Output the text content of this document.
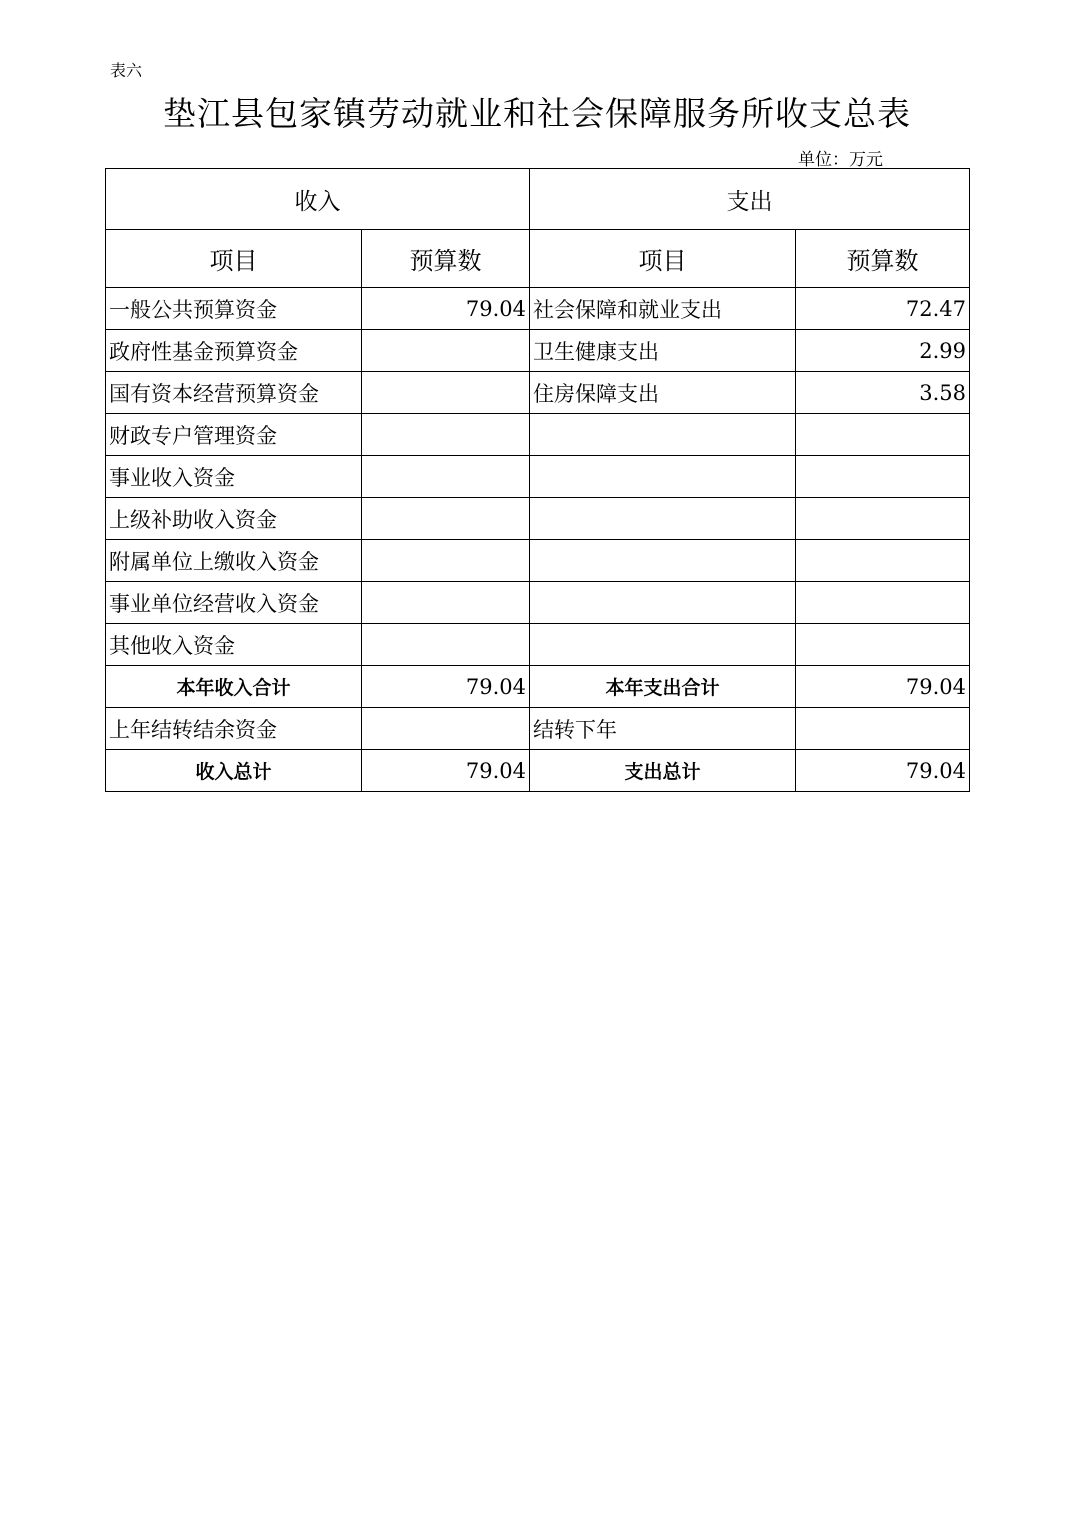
表六
垫江县包家镇劳动就业和社会保障服务所收支总表
单位：万元
收入		支出	
项目	预算数	项目	预算数
一般公共预算资金	79.04	社会保障和就业支出	72.47
政府性基金预算资金		卫生健康支出	2.99
国有资本经营预算资金		住房保障支出	3.58
财政专户管理资金			
事业收入资金			
上级补助收入资金			
附属单位上缴收入资金			
事业单位经营收入资金			
其他收入资金			
本年收入合计	79.04	本年支出合计	79.04
上年结转结余资金		结转下年	
收入总计	79.04	支出总计	79.04
